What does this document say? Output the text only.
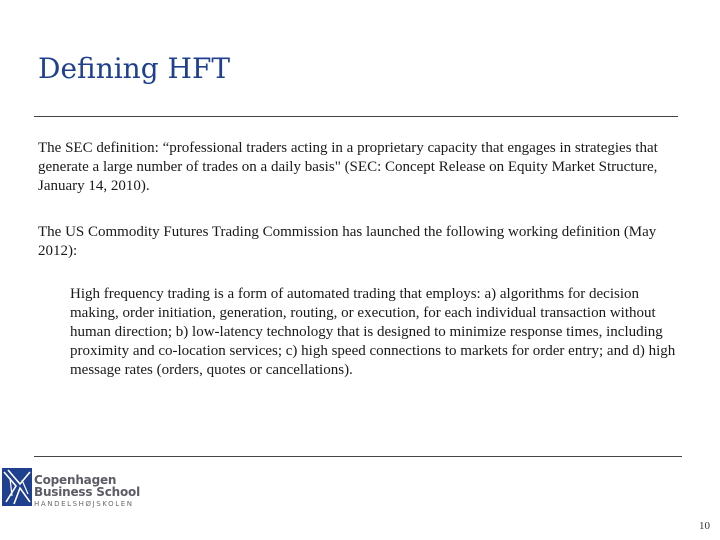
Defining HFT

The SEC definition: “professional traders acting in a proprietary capacity that engages in strategies that generate a large number of trades on a daily basis" (SEC: Concept Release on Equity Market Structure, January 14, 2010).

The US Commodity Futures Trading Commission has launched the following working definition (May 2012):

High frequency trading is a form of automated trading that employs: a) algorithms for decision making, order initiation, generation, routing, or execution, for each individual transaction without human direction; b) low-latency technology that is designed to minimize response times, including proximity and co-location services; c) high speed connections to markets for order entry; and d) high message rates (orders, quotes or cancellations).

Copenhagen
Business School
HANDELSHØJSKOLEN
10
